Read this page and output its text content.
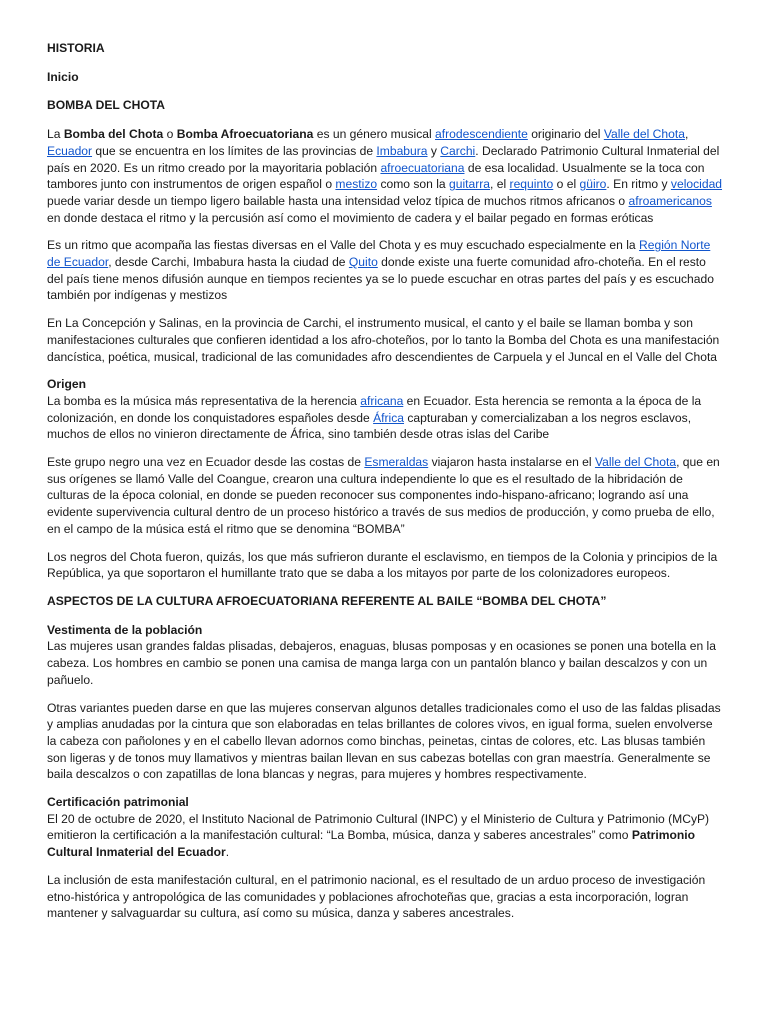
HISTORIA

Inicio

BOMBA DEL CHOTA

La Bomba del Chota o Bomba Afroecuatoriana es un género musical afrodescendiente originario del Valle del Chota, Ecuador que se encuentra en los límites de las provincias de Imbabura y Carchi. Declarado Patrimonio Cultural Inmaterial del país en 2020. Es un ritmo creado por la mayoritaria población afroecuatoriana de esa localidad. Usualmente se la toca con tambores junto con instrumentos de origen español o mestizo como son la guitarra, el requinto o el güiro. En ritmo y velocidad puede variar desde un tiempo ligero bailable hasta una intensidad veloz típica de muchos ritmos africanos o afroamericanos en donde destaca el ritmo y la percusión así como el movimiento de cadera y el bailar pegado en formas eróticas

Es un ritmo que acompaña las fiestas diversas en el Valle del Chota y es muy escuchado especialmente en la Región Norte de Ecuador, desde Carchi, Imbabura hasta la ciudad de Quito donde existe una fuerte comunidad afro-choteña. En el resto del país tiene menos difusión aunque en tiempos recientes ya se lo puede escuchar en otras partes del país y es escuchado también por indígenas y mestizos

En La Concepción y Salinas, en la provincia de Carchi, el instrumento musical, el canto y el baile se llaman bomba y son manifestaciones culturales que confieren identidad a los afro-choteños, por lo tanto la Bomba del Chota es una manifestación dancística, poética, musical, tradicional de las comunidades afro descendientes de Carpuela y el Juncal en el Valle del Chota

Origen

La bomba es la música más representativa de la herencia africana en Ecuador. Esta herencia se remonta a la época de la colonización, en donde los conquistadores españoles desde África capturaban y comercializaban a los negros esclavos, muchos de ellos no vinieron directamente de África, sino también desde otras islas del Caribe

Este grupo negro una vez en Ecuador desde las costas de Esmeraldas viajaron hasta instalarse en el Valle del Chota, que en sus orígenes se llamó Valle del Coangue, crearon una cultura independiente lo que es el resultado de la hibridación de culturas de la época colonial, en donde se pueden reconocer sus componentes indo-hispano-africano; logrando así una evidente supervivencia cultural dentro de un proceso histórico a través de sus medios de producción, y como prueba de ello, en el campo de la música está el ritmo que se denomina “BOMBA”

Los negros del Chota fueron, quizás, los que más sufrieron durante el esclavismo, en tiempos de la Colonia y principios de la República, ya que soportaron el humillante trato que se daba a los mitayos por parte de los colonizadores europeos.

ASPECTOS DE LA CULTURA AFROECUATORIANA REFERENTE AL BAILE “BOMBA DEL CHOTA”

Vestimenta de la población

Las mujeres usan grandes faldas plisadas, debajeros, enaguas, blusas pomposas y en ocasiones se ponen una botella en la cabeza. Los hombres en cambio se ponen una camisa de manga larga con un pantalón blanco y bailan descalzos y con un pañuelo.

Otras variantes pueden darse en que las mujeres conservan algunos detalles tradicionales como el uso de las faldas plisadas y amplias anudadas por la cintura que son elaboradas en telas brillantes de colores vivos, en igual forma, suelen envolverse la cabeza con pañolones y en el cabello llevan adornos como binchas, peinetas, cintas de colores, etc. Las blusas también son ligeras y de tonos muy llamativos y mientras bailan llevan en sus cabezas botellas con gran maestría. Generalmente se baila descalzos o con zapatillas de lona blancas y negras, para mujeres y hombres respectivamente.

Certificación patrimonial

El 20 de octubre de 2020, el Instituto Nacional de Patrimonio Cultural (INPC) y el Ministerio de Cultura y Patrimonio (MCyP) emitieron la certificación a la manifestación cultural: “La Bomba, música, danza y saberes ancestrales” como Patrimonio Cultural Inmaterial del Ecuador.

La inclusión de esta manifestación cultural, en el patrimonio nacional, es el resultado de un arduo proceso de investigación etno-histórica y antropológica de las comunidades y poblaciones afrochoteñas que, gracias a esta incorporación, logran mantener y salvaguardar su cultura, así como su música, danza y saberes ancestrales.
